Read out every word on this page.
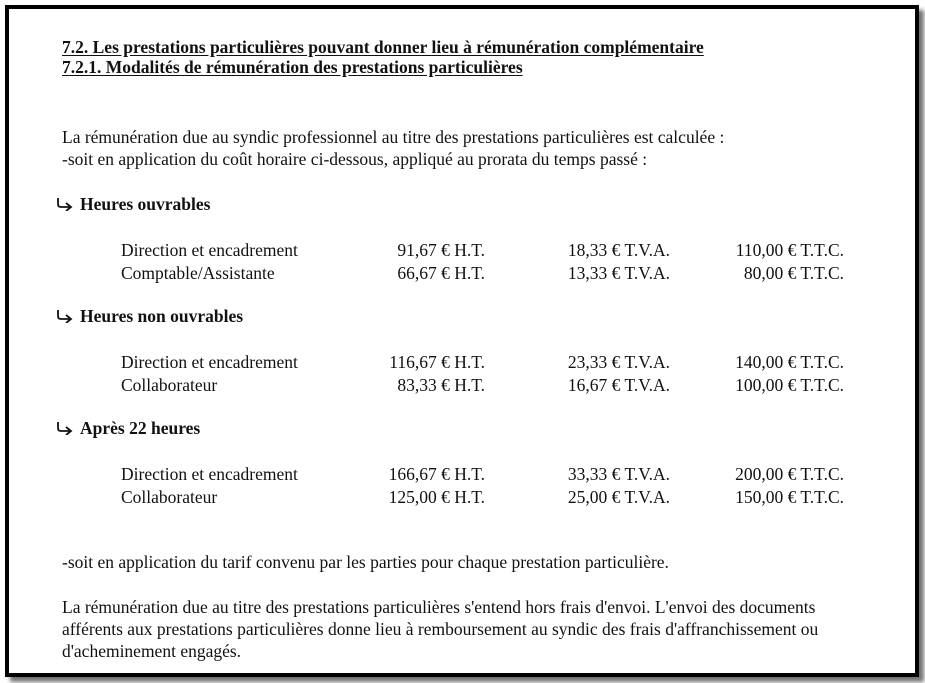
7.2. Les prestations particulières pouvant donner lieu à rémunération complémentaire
7.2.1. Modalités de rémunération des prestations particulières
La rémunération due au syndic professionnel au titre des prestations particulières est calculée :
-soit en application du coût horaire ci-dessous, appliqué au prorata du temps passé :
Heures ouvrables
Direction et encadrement	91,67 € H.T.	18,33 € T.V.A.	110,00 € T.T.C.
Comptable/Assistante	66,67 € H.T.	13,33 € T.V.A.	80,00 € T.T.C.
Heures non ouvrables
Direction et encadrement	116,67 € H.T.	23,33 € T.V.A.	140,00 € T.T.C.
Collaborateur	83,33 € H.T.	16,67 € T.V.A.	100,00 € T.T.C.
Après 22 heures
Direction et encadrement	166,67 € H.T.	33,33 € T.V.A.	200,00 € T.T.C.
Collaborateur	125,00 € H.T.	25,00 € T.V.A.	150,00 € T.T.C.
-soit en application du tarif convenu par les parties pour chaque prestation particulière.
La rémunération due au titre des prestations particulières s'entend hors frais d'envoi. L'envoi des documents
afférents aux prestations particulières donne lieu à remboursement au syndic des frais d'affranchissement ou
d'acheminement engagés.
